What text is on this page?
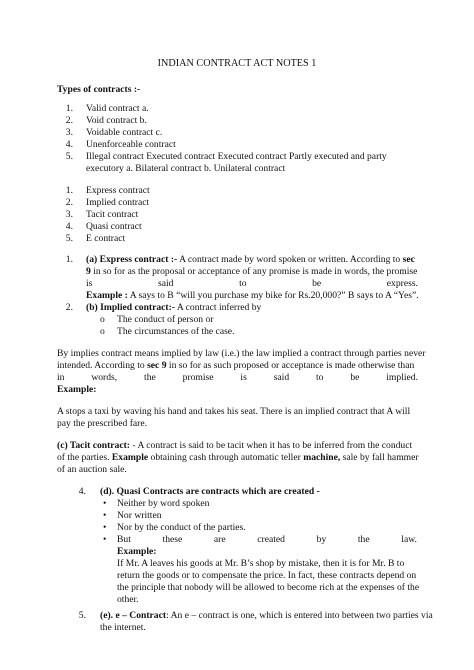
INDIAN CONTRACT ACT NOTES 1
Types of contracts :-
1. Valid contract a.
2. Void contract b.
3. Voidable contract c.
4. Unenforceable contract
5. Illegal contract Executed contract Executed contract Partly executed and party
executory a. Bilateral contract b. Unilateral contract
1. Express contract
2. Implied contract
3. Tacit contract
4. Quasi contract
5. E contract
1. (a) Express contract :- A contract made by word spoken or written. According to sec
9 in so for as the proposal or acceptance of any promise is made in words, the promise
is	said	to	be	express.
Example : A says to B “will you purchase my bike for Rs.20,000?” B says to A “Yes”.
2. (b) Implied contract:- A contract inferred by
o The conduct of person or
o The circumstances of the case.
By implies contract means implied by law (i.e.) the law implied a contract through parties never
intended. According to sec 9 in so for as such proposed or acceptance is made otherwise than
in	words,	the	promise	is	said	to	be	implied.
Example:
A stops a taxi by waving his hand and takes his seat. There is an implied contract that A will
pay the prescribed fare.
(c) Tacit contract: - A contract is said to be tacit when it has to be inferred from the conduct
of the parties. Example obtaining cash through automatic teller machine, sale by fall hammer
of an auction sale.
4. (d). Quasi Contracts are contracts which are created -
• Neither by word spoken
• Nor written
• Nor by the conduct of the parties.
• But	these	are	created	by	the	law.
Example:
If Mr. A leaves his goods at Mr. B’s shop by mistake, then it is for Mr. B to
return the goods or to compensate the price. In fact, these contracts depend on
the principle that nobody will be allowed to become rich at the expenses of the
other.
5. (e). e – Contract: An e – contract is one, which is entered into between two parties via
the internet.
